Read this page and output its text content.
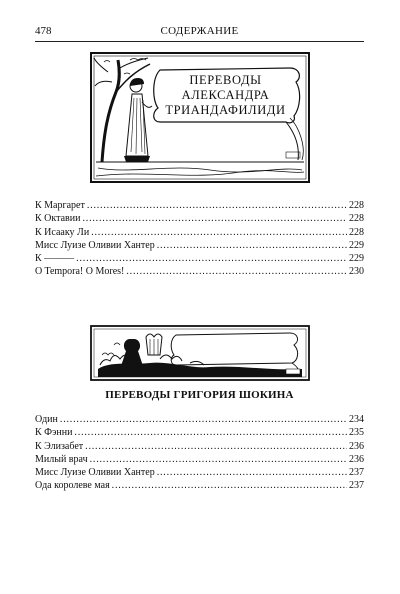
478	СОДЕРЖАНИЕ
ПЕРЕВОДЫ
АЛЕКСАНДРА
ТРИАНДАФИЛИДИ
К Маргарет .....	228
К Октавии .....	228
К Исааку Ли .....	228
Мисс Луизе Оливии Хантер .....	229
К ——— .....	229
O Tempora! O Mores! .....	230
ПЕРЕВОДЫ ГРИГОРИЯ ШОКИНА
Один .....	234
К Фэнни .....	235
К Элизабет .....	236
Милый врач .....	236
Мисс Луизе Оливии Хантер .....	237
Ода королеве мая .....	237
